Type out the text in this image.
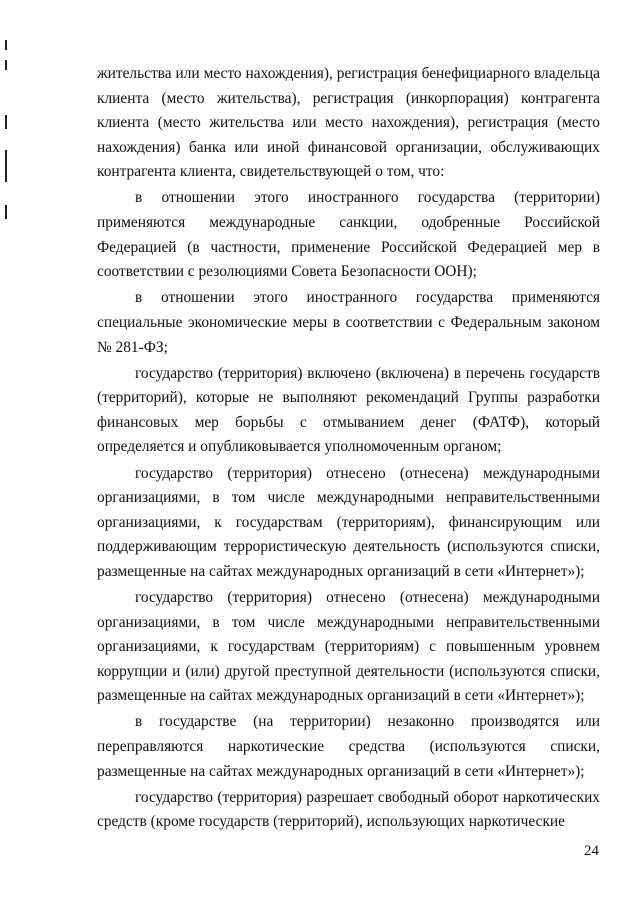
жительства или место нахождения), регистрация бенефициарного владельца клиента (место жительства), регистрация (инкорпорация) контрагента клиента (место жительства или место нахождения), регистрация (место нахождения) банка или иной финансовой организации, обслуживающих контрагента клиента, свидетельствующей о том, что:

в отношении этого иностранного государства (территории) применяются международные санкции, одобренные Российской Федерацией (в частности, применение Российской Федерацией мер в соответствии с резолюциями Совета Безопасности ООН);

в отношении этого иностранного государства применяются специальные экономические меры в соответствии с Федеральным законом № 281-ФЗ;

государство (территория) включено (включена) в перечень государств (территорий), которые не выполняют рекомендаций Группы разработки финансовых мер борьбы с отмыванием денег (ФАТФ), который определяется и опубликовывается уполномоченным органом;

государство (территория) отнесено (отнесена) международными организациями, в том числе международными неправительственными организациями, к государствам (территориям), финансирующим или поддерживающим террористическую деятельность (используются списки, размещенные на сайтах международных организаций в сети «Интернет»);

государство (территория) отнесено (отнесена) международными организациями, в том числе международными неправительственными организациями, к государствам (территориям) с повышенным уровнем коррупции и (или) другой преступной деятельности (используются списки, размещенные на сайтах международных организаций в сети «Интернет»);

в государстве (на территории) незаконно производятся или переправляются наркотические средства (используются списки, размещенные на сайтах международных организаций в сети «Интернет»);

государство (территория) разрешает свободный оборот наркотических средств (кроме государств (территорий), использующих наркотические

24
